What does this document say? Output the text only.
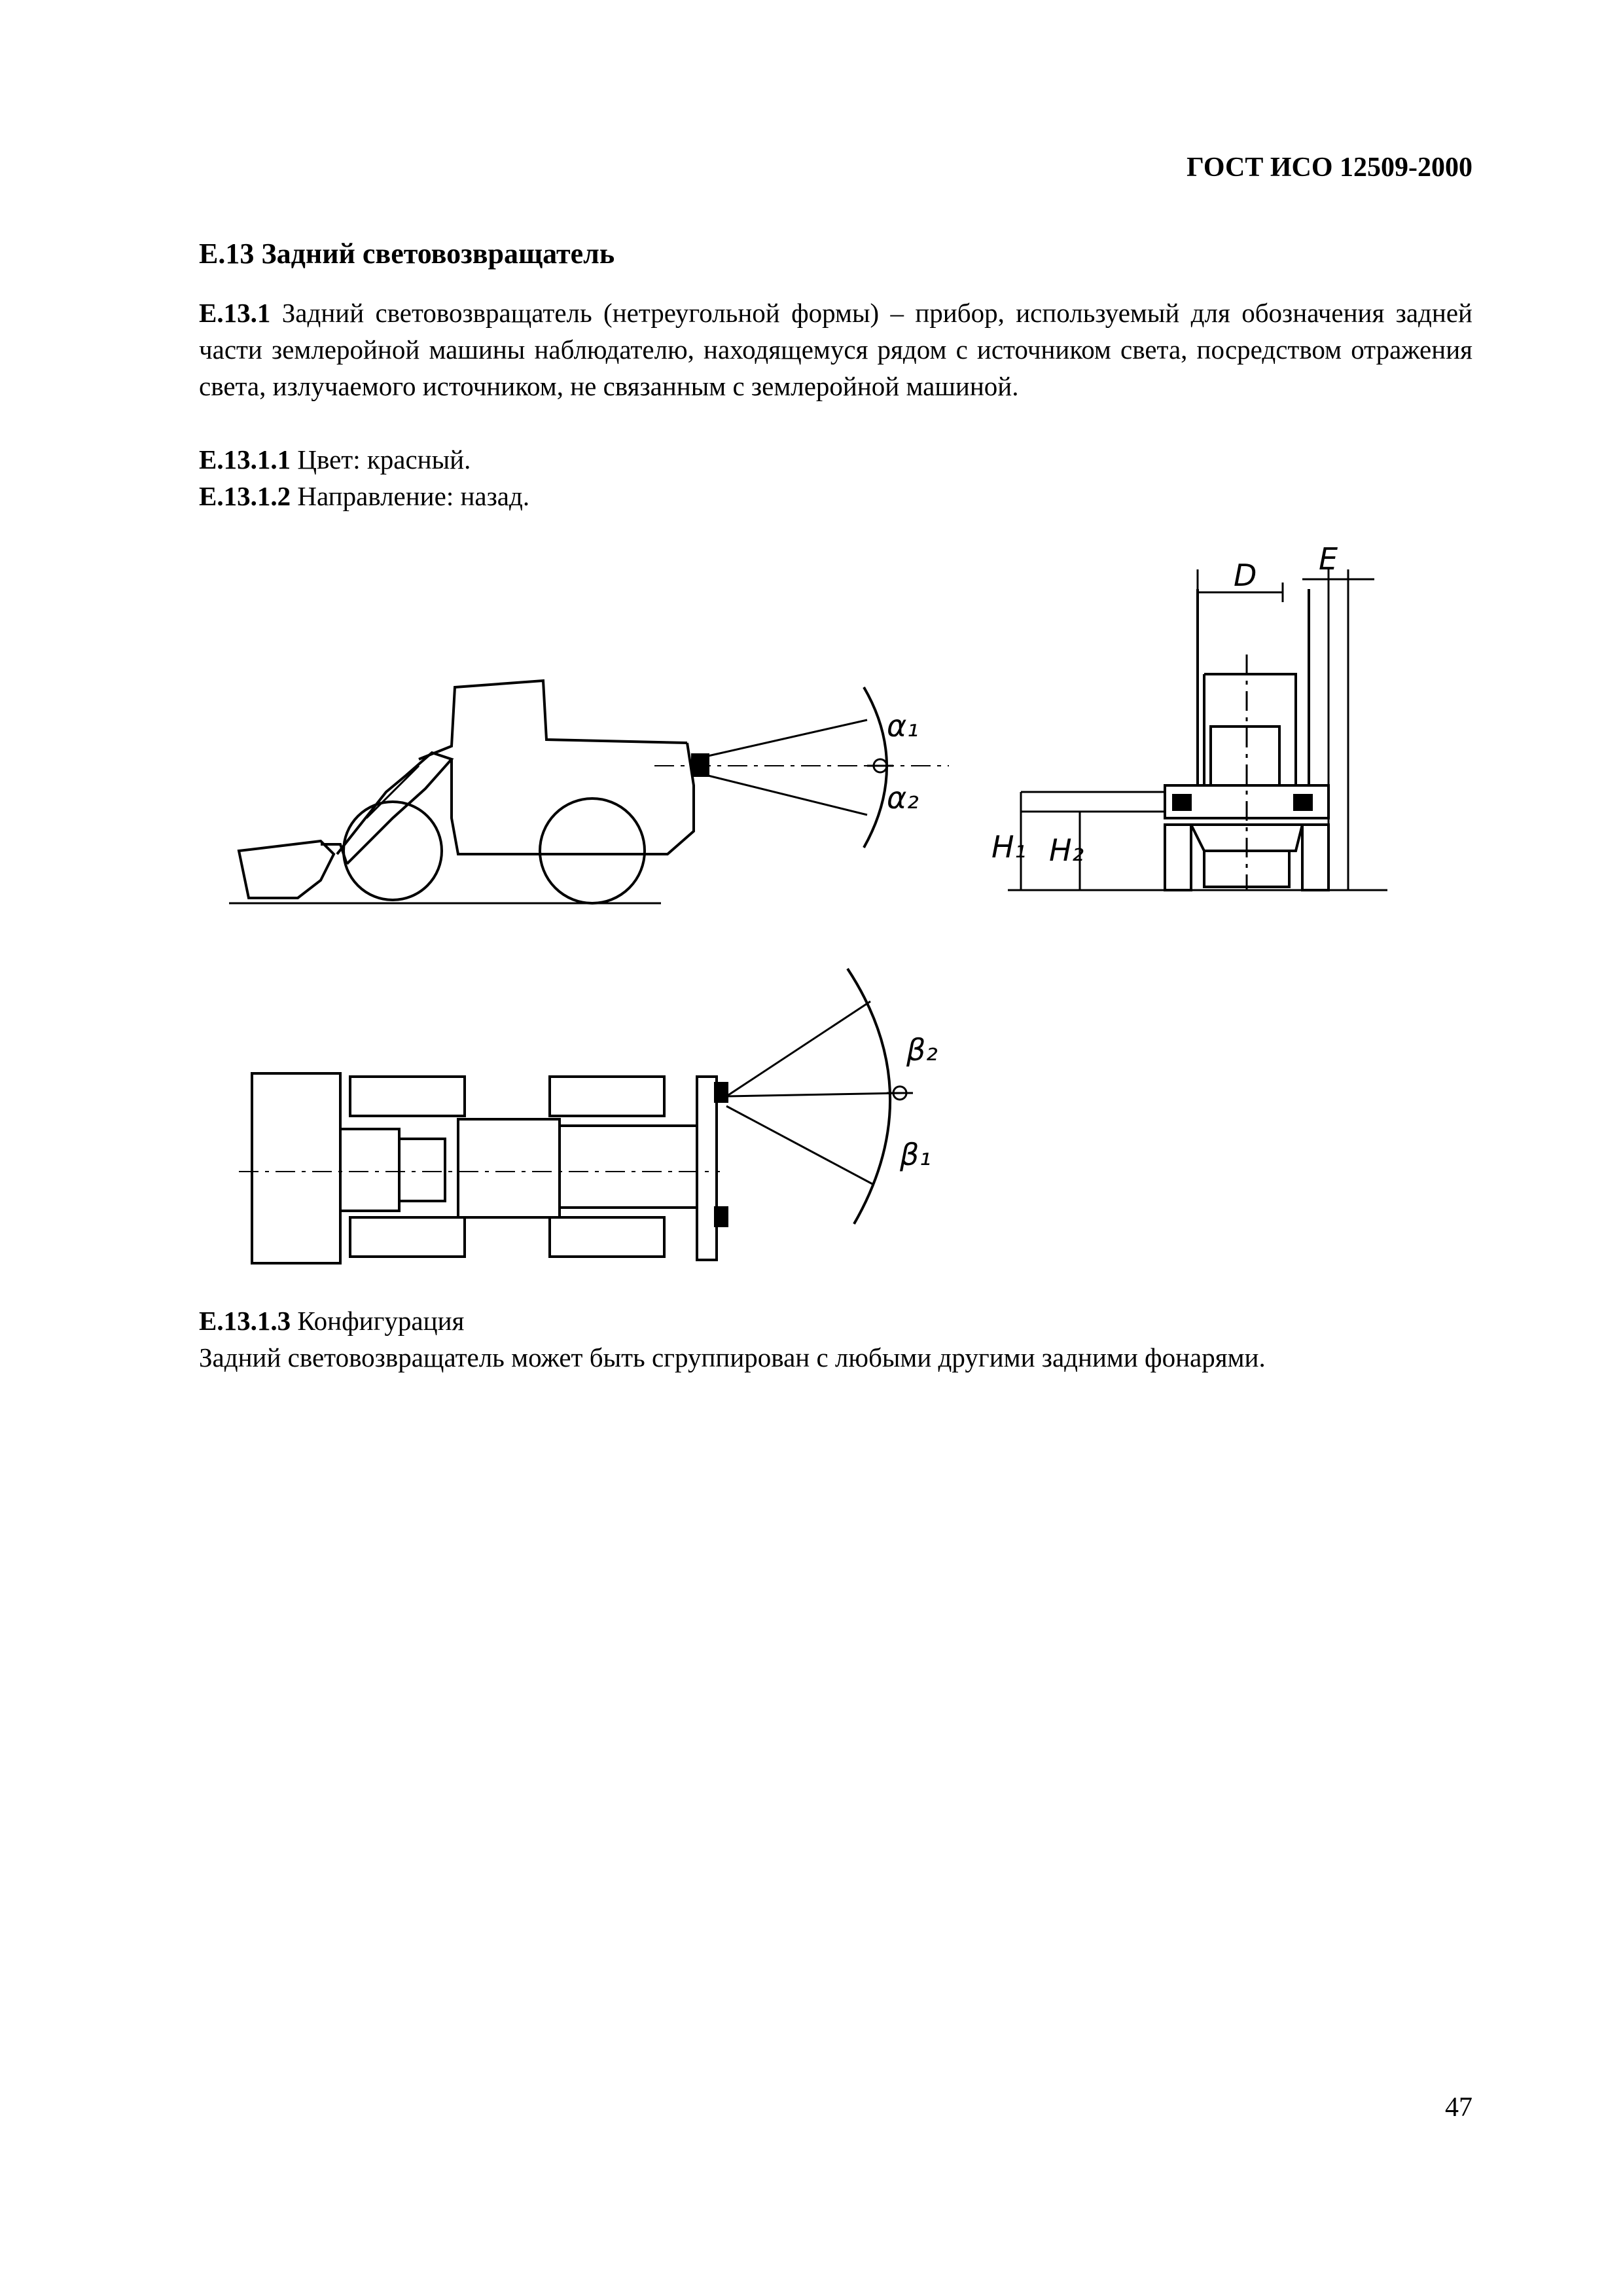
ГОСТ ИСО 12509-2000
Е.13 Задний световозвращатель
Е.13.1 Задний световозвращатель (нетреугольной формы) – прибор, используемый для обозначения задней части землеройной машины наблюдателю, находящемуся рядом с источником света, посредством отражения света, излучаемого источником, не связанным с землеройной машиной.
Е.13.1.1 Цвет: красный.
Е.13.1.2 Направление: назад.
α₁
α₂
D E
H₁ H₂
β₂
β₁
Е.13.1.3 Конфигурация
Задний световозвращатель может быть сгруппирован с любыми другими задними фонарями.
47
